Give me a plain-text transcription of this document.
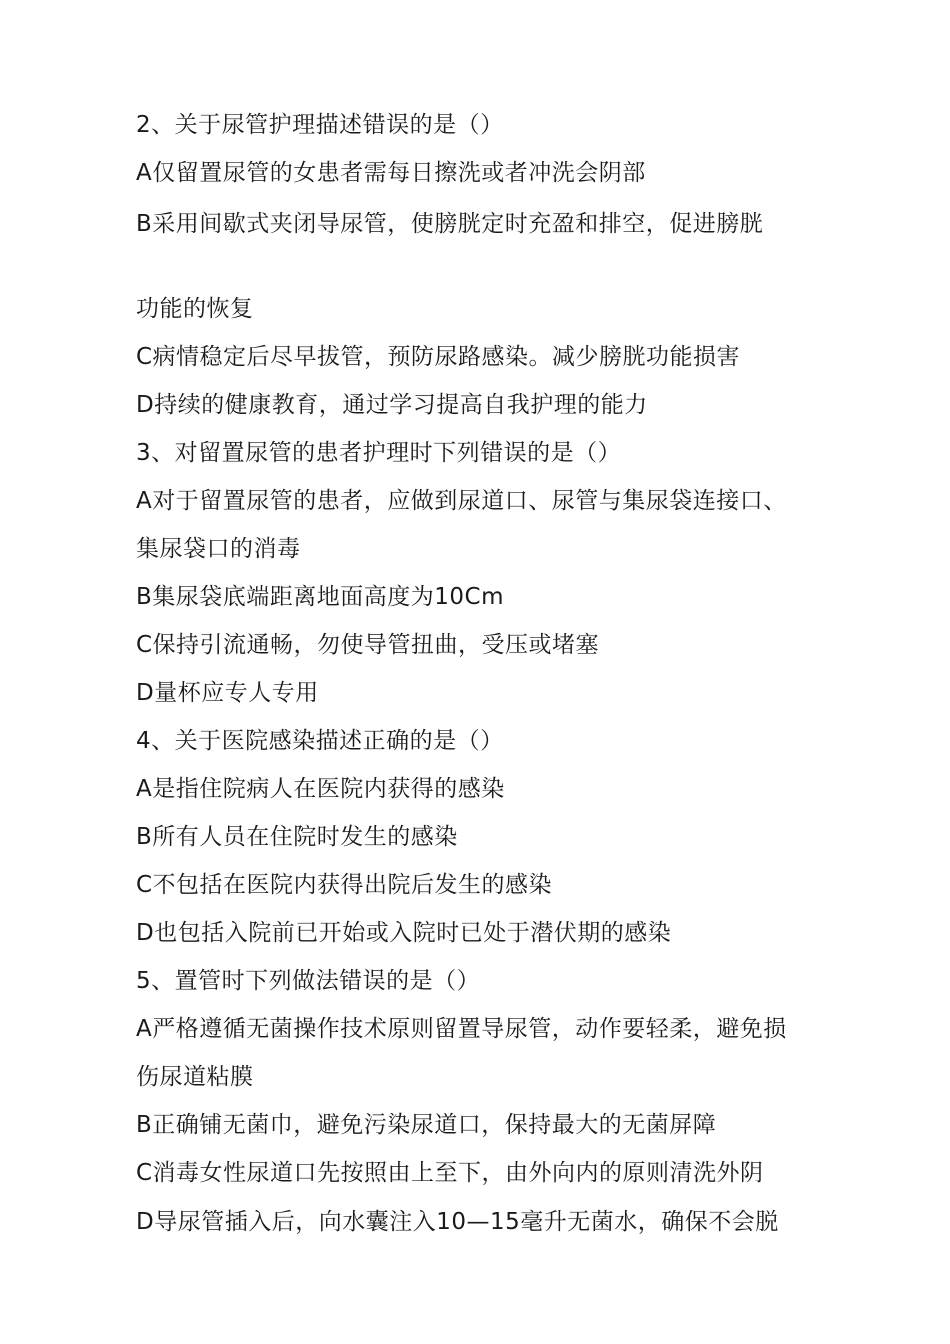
2、关于尿管护理描述错误的是（）
A仅留置尿管的女患者需每日擦洗或者冲洗会阴部
B采用间歇式夹闭导尿管，使膀胱定时充盈和排空，促进膀胱
功能的恢复
C病情稳定后尽早拔管，预防尿路感染。减少膀胱功能损害
D持续的健康教育，通过学习提高自我护理的能力
3、对留置尿管的患者护理时下列错误的是（）
A对于留置尿管的患者，应做到尿道口、尿管与集尿袋连接口、
集尿袋口的消毒
B集尿袋底端距离地面高度为10Cm
C保持引流通畅，勿使导管扭曲，受压或堵塞
D量杯应专人专用
4、关于医院感染描述正确的是（）
A是指住院病人在医院内获得的感染
B所有人员在住院时发生的感染
C不包括在医院内获得出院后发生的感染
D也包括入院前已开始或入院时已处于潜伏期的感染
5、置管时下列做法错误的是（）
A严格遵循无菌操作技术原则留置导尿管，动作要轻柔，避免损
伤尿道粘膜
B正确铺无菌巾，避免污染尿道口，保持最大的无菌屏障
C消毒女性尿道口先按照由上至下，由外向内的原则清洗外阴
D导尿管插入后，向水囊注入10—15毫升无菌水，确保不会脱
